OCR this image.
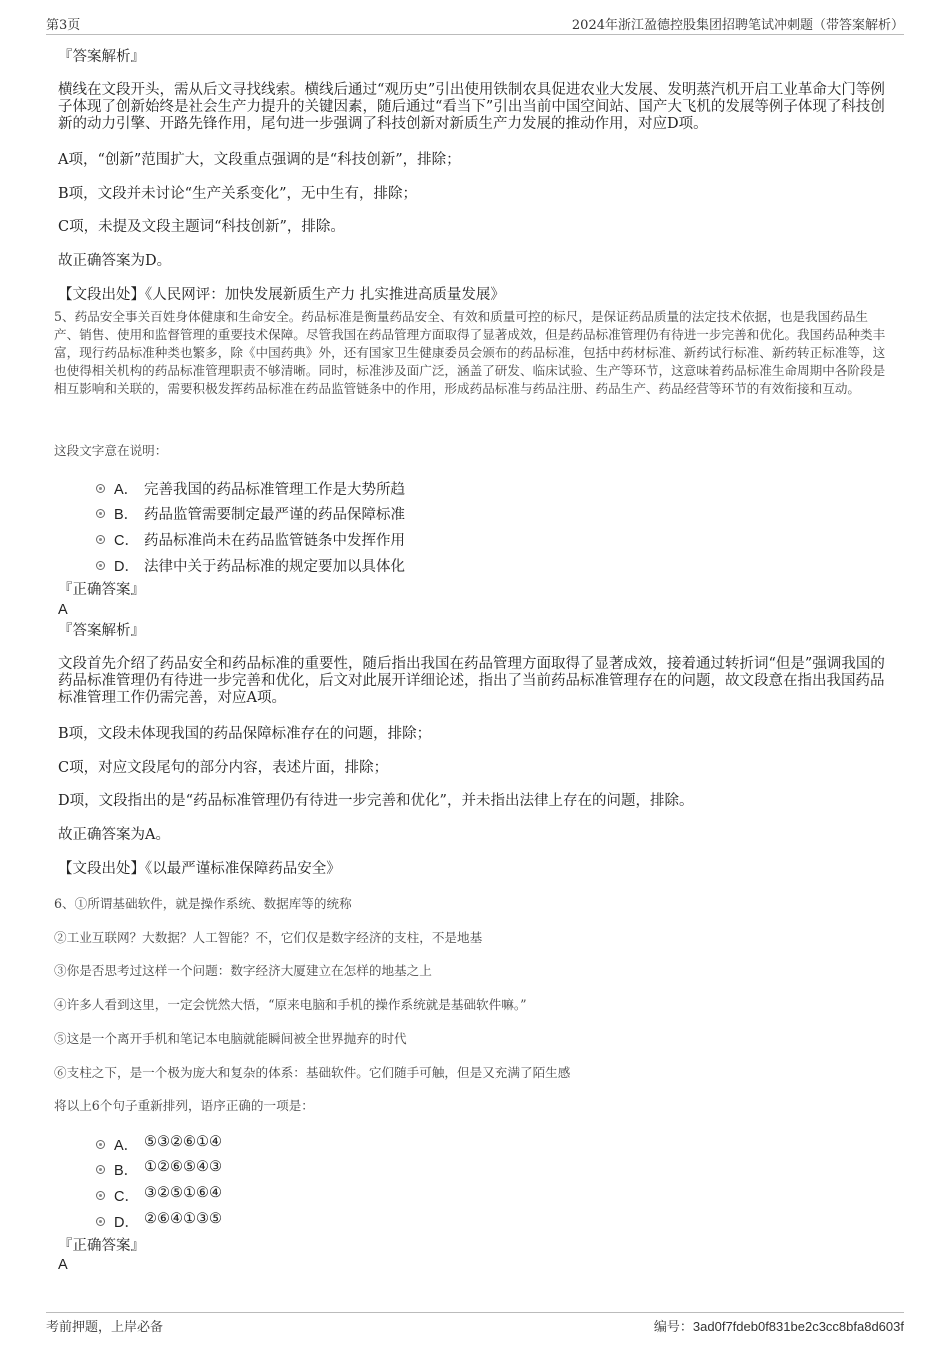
第3页	2024年浙江盈德控股集团招聘笔试冲刺题（带答案解析）
『答案解析』
横线在文段开头，需从后文寻找线索。横线后通过“观历史”引出使用铁制农具促进农业大发展、发明蒸汽机开启工业革命大门等例子体现了创新始终是社会生产力提升的关键因素，随后通过“看当下”引出当前中国空间站、国产大飞机的发展等例子体现了科技创新的动力引擎、开路先锋作用，尾句进一步强调了科技创新对新质生产力发展的推动作用，对应D项。
A项，“创新”范围扩大，文段重点强调的是“科技创新”，排除；
B项，文段并未讨论“生产关系变化”，无中生有，排除；
C项，未提及文段主题词“科技创新”，排除。
故正确答案为D。
【文段出处】《人民网评：加快发展新质生产力 扎实推进高质量发展》
5、药品安全事关百姓身体健康和生命安全。药品标准是衡量药品安全、有效和质量可控的标尺，是保证药品质量的法定技术依据，也是我国药品生产、销售、使用和监督管理的重要技术保障。尽管我国在药品管理方面取得了显著成效，但是药品标准管理仍有待进一步完善和优化。我国药品种类丰富，现行药品标准种类也繁多，除《中国药典》外，还有国家卫生健康委员会颁布的药品标准，包括中药材标准、新药试行标准、新药转正标准等，这也使得相关机构的药品标准管理职责不够清晰。同时，标准涉及面广泛，涵盖了研发、临床试验、生产等环节，这意味着药品标准生命周期中各阶段是相互影响和关联的，需要积极发挥药品标准在药品监管链条中的作用，形成药品标准与药品注册、药品生产、药品经营等环节的有效衔接和互动。
这段文字意在说明：
A． 完善我国的药品标准管理工作是大势所趋
B． 药品监管需要制定最严谨的药品保障标准
C． 药品标准尚未在药品监管链条中发挥作用
D． 法律中关于药品标准的规定要加以具体化
『正确答案』
A
『答案解析』
文段首先介绍了药品安全和药品标准的重要性，随后指出我国在药品管理方面取得了显著成效，接着通过转折词“但是”强调我国的药品标准管理仍有待进一步完善和优化，后文对此展开详细论述，指出了当前药品标准管理存在的问题，故文段意在指出我国药品标准管理工作仍需完善，对应A项。
B项，文段未体现我国的药品保障标准存在的问题，排除；
C项，对应文段尾句的部分内容，表述片面，排除；
D项，文段指出的是“药品标准管理仍有待进一步完善和优化”，并未指出法律上存在的问题，排除。
故正确答案为A。
【文段出处】《以最严谨标准保障药品安全》
6、①所谓基础软件，就是操作系统、数据库等的统称
②工业互联网？大数据？人工智能？不，它们仅是数字经济的支柱，不是地基
③你是否思考过这样一个问题：数字经济大厦建立在怎样的地基之上
④许多人看到这里，一定会恍然大悟，“原来电脑和手机的操作系统就是基础软件嘛。”
⑤这是一个离开手机和笔记本电脑就能瞬间被全世界抛弃的时代
⑥支柱之下，是一个极为庞大和复杂的体系：基础软件。它们随手可触，但是又充满了陌生感
将以上6个句子重新排列，语序正确的一项是：
A． ⑤③②⑥①④
B． ①②⑥⑤④③
C． ③②⑤①⑥④
D． ②⑥④①③⑤
『正确答案』
A
考前押题，上岸必备	编号：3ad0f7fdeb0f831be2c3cc8bfa8d603f
